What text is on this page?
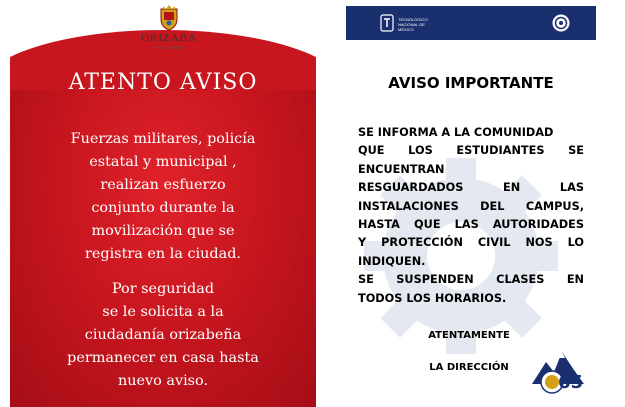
ORIZABA
AYUNTAMIENTO
ATENTO AVISO
Fuerzas militares, policía
estatal y municipal ,
realizan esfuerzo
conjunto durante la
movilización que se
registra en la ciudad.
Por seguridad
se le solicita a la
ciudadanía orizabeña
permanecer en casa hasta
nuevo aviso.
TECNOLÓGICO NACIONAL DE MÉXICO
AVISO IMPORTANTE
SE INFORMA A LA COMUNIDAD
QUE LOS ESTUDIANTES SE
ENCUENTRAN
RESGUARDADOS EN LAS
INSTALACIONES DEL CAMPUS,
HASTA QUE LAS AUTORIDADES
Y PROTECCIÓN CIVIL NOS LO
INDIQUEN.
SE SUSPENDEN CLASES EN
TODOS LOS HORARIOS.
ATENTAMENTE
LA DIRECCIÓN
65
